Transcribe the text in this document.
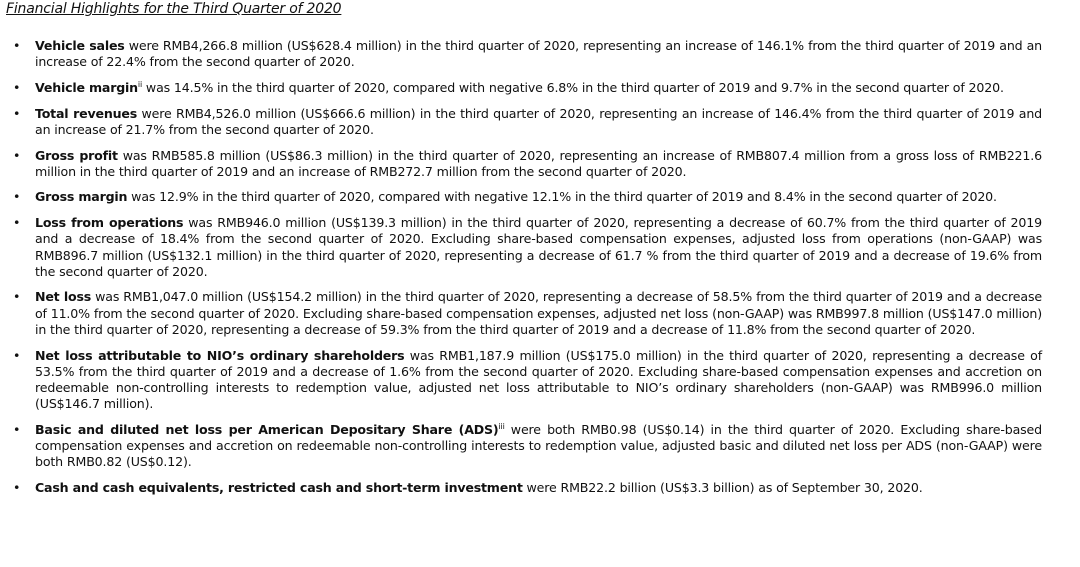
Financial Highlights for the Third Quarter of 2020
• Vehicle sales were RMB4,266.8 million (US$628.4 million) in the third quarter of 2020, representing an increase of 146.1% from the third quarter of 2019 and an increase of 22.4% from the second quarter of 2020.
• Vehicle margin$^{ii}$ was 14.5% in the third quarter of 2020, compared with negative 6.8% in the third quarter of 2019 and 9.7% in the second quarter of 2020.
• Total revenues were RMB4,526.0 million (US$666.6 million) in the third quarter of 2020, representing an increase of 146.4% from the third quarter of 2019 and an increase of 21.7% from the second quarter of 2020.
• Gross profit was RMB585.8 million (US$86.3 million) in the third quarter of 2020, representing an increase of RMB807.4 million from a gross loss of RMB221.6 million in the third quarter of 2019 and an increase of RMB272.7 million from the second quarter of 2020.
• Gross margin was 12.9% in the third quarter of 2020, compared with negative 12.1% in the third quarter of 2019 and 8.4% in the second quarter of 2020.
• Loss from operations was RMB946.0 million (US$139.3 million) in the third quarter of 2020, representing a decrease of 60.7% from the third quarter of 2019 and a decrease of 18.4% from the second quarter of 2020. Excluding share-based compensation expenses, adjusted loss from operations (non-GAAP) was RMB896.7 million (US$132.1 million) in the third quarter of 2020, representing a decrease of 61.7 % from the third quarter of 2019 and a decrease of 19.6% from the second quarter of 2020.
• Net loss was RMB1,047.0 million (US$154.2 million) in the third quarter of 2020, representing a decrease of 58.5% from the third quarter of 2019 and a decrease of 11.0% from the second quarter of 2020. Excluding share-based compensation expenses, adjusted net loss (non-GAAP) was RMB997.8 million (US$147.0 million) in the third quarter of 2020, representing a decrease of 59.3% from the third quarter of 2019 and a decrease of 11.8% from the second quarter of 2020.
• Net loss attributable to NIO’s ordinary shareholders was RMB1,187.9 million (US$175.0 million) in the third quarter of 2020, representing a decrease of 53.5% from the third quarter of 2019 and a decrease of 1.6% from the second quarter of 2020. Excluding share-based compensation expenses and accretion on redeemable non-controlling interests to redemption value, adjusted net loss attributable to NIO’s ordinary shareholders (non-GAAP) was RMB996.0 million (US$146.7 million).
• Basic and diluted net loss per American Depositary Share (ADS)$^{iii}$ were both RMB0.98 (US$0.14) in the third quarter of 2020. Excluding share-based compensation expenses and accretion on redeemable non-controlling interests to redemption value, adjusted basic and diluted net loss per ADS (non-GAAP) were both RMB0.82 (US$0.12).
• Cash and cash equivalents, restricted cash and short-term investment were RMB22.2 billion (US$3.3 billion) as of September 30, 2020.
